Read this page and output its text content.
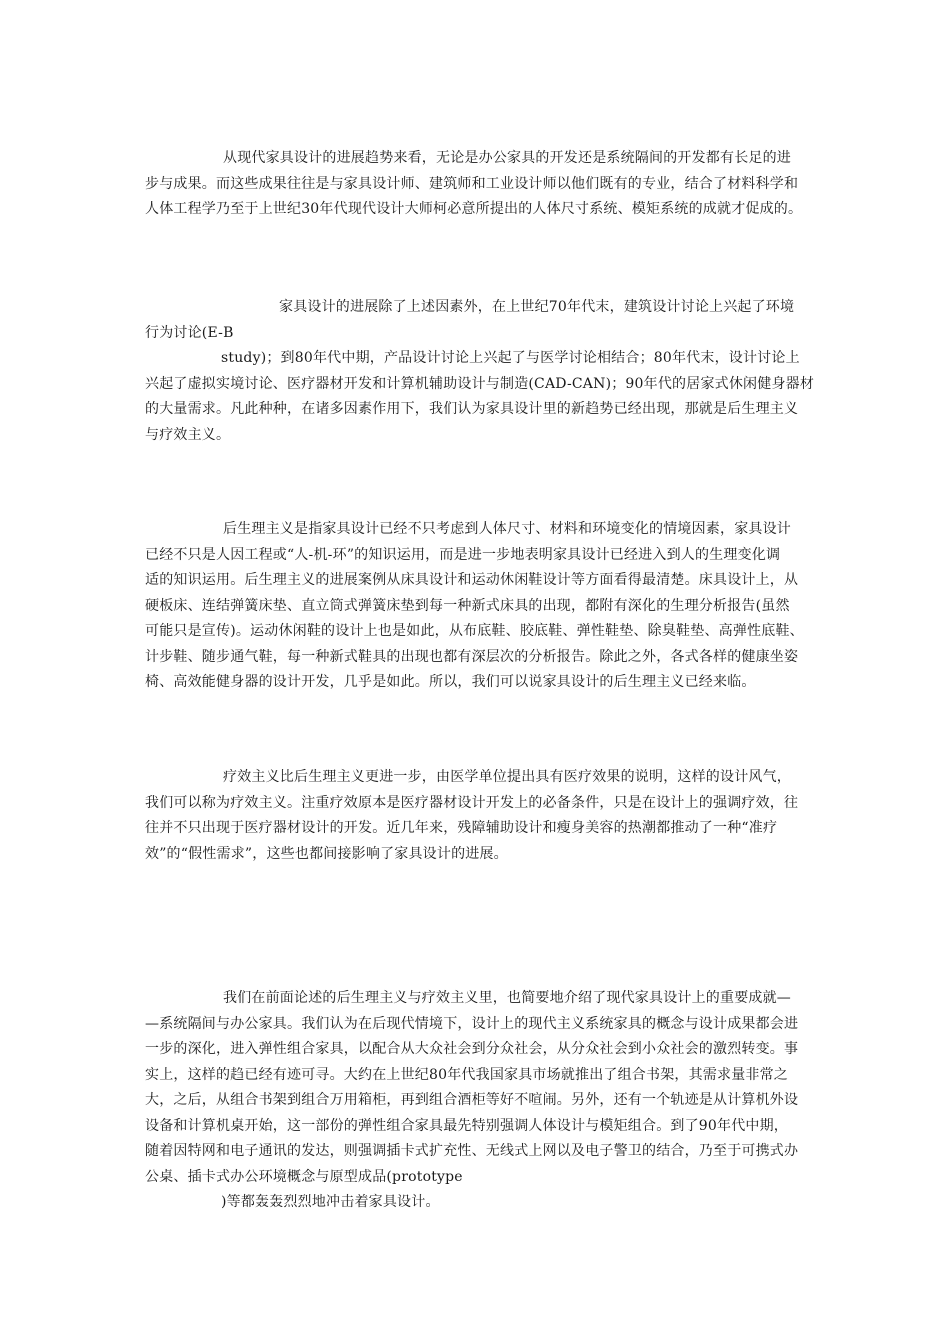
从现代家具设计的进展趋势来看，无论是办公家具的开发还是系统隔间的开发都有长足的进
步与成果。而这些成果往往是与家具设计师、建筑师和工业设计师以他们既有的专业，结合了材料科学和
人体工程学乃至于上世纪30年代现代设计大师柯必意所提出的人体尺寸系统、模矩系统的成就才促成的。
家具设计的进展除了上述因素外，在上世纪70年代末，建筑设计讨论上兴起了环境
行为讨论(E-B
study)；到80年代中期，产品设计讨论上兴起了与医学讨论相结合；80年代末，设计讨论上
兴起了虚拟实境讨论、医疗器材开发和计算机辅助设计与制造(CAD-CAN)；90年代的居家式休闲健身器材
的大量需求。凡此种种，在诸多因素作用下，我们认为家具设计里的新趋势已经出现，那就是后生理主义
与疗效主义。
后生理主义是指家具设计已经不只考虑到人体尺寸、材料和环境变化的情境因素，家具设计
已经不只是人因工程或“人-机-环”的知识运用，而是进一步地表明家具设计已经进入到人的生理变化调
适的知识运用。后生理主义的进展案例从床具设计和运动休闲鞋设计等方面看得最清楚。床具设计上，从
硬板床、连结弹簧床垫、直立筒式弹簧床垫到每一种新式床具的出现，都附有深化的生理分析报告(虽然
可能只是宣传)。运动休闲鞋的设计上也是如此，从布底鞋、胶底鞋、弹性鞋垫、除臭鞋垫、高弹性底鞋、
计步鞋、随步通气鞋，每一种新式鞋具的出现也都有深层次的分析报告。除此之外，各式各样的健康坐姿
椅、高效能健身器的设计开发，几乎是如此。所以，我们可以说家具设计的后生理主义已经来临。
疗效主义比后生理主义更进一步，由医学单位提出具有医疗效果的说明，这样的设计风气，
我们可以称为疗效主义。注重疗效原本是医疗器材设计开发上的必备条件，只是在设计上的强调疗效，往
往并不只出现于医疗器材设计的开发。近几年来，残障辅助设计和瘦身美容的热潮都推动了一种“准疗
效”的“假性需求”，这些也都间接影响了家具设计的进展。
我们在前面论述的后生理主义与疗效主义里，也简要地介绍了现代家具设计上的重要成就—
—系统隔间与办公家具。我们认为在后现代情境下，设计上的现代主义系统家具的概念与设计成果都会进
一步的深化，进入弹性组合家具，以配合从大众社会到分众社会，从分众社会到小众社会的激烈转变。事
实上，这样的趋已经有迹可寻。大约在上世纪80年代我国家具市场就推出了组合书架，其需求量非常之
大，之后，从组合书架到组合万用箱柜，再到组合酒柜等好不喧闹。另外，还有一个轨迹是从计算机外设
设备和计算机桌开始，这一部份的弹性组合家具最先特别强调人体设计与模矩组合。到了90年代中期，
随着因特网和电子通讯的发达，则强调插卡式扩充性、无线式上网以及电子警卫的结合，乃至于可携式办
公桌、插卡式办公环境概念与原型成品(prototype
)等都轰轰烈烈地冲击着家具设计。
